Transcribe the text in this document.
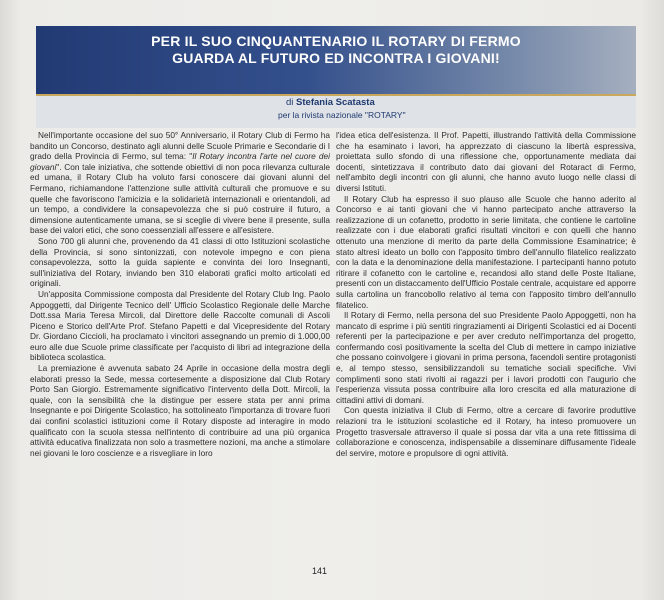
PER IL SUO CINQUANTENARIO IL ROTARY DI FERMO
GUARDA AL FUTURO ED INCONTRA I GIOVANI!
di Stefania Scatasta
per la rivista nazionale "ROTARY"

Nell'importante occasione del suo 50° Anniversario, il Rotary Club di Fermo ha bandito un Concorso, destinato agli alunni delle Scuole Primarie e Secondarie di I grado della Provincia di Fermo, sul tema: "Il Rotary incontra l'arte nel cuore dei giovani". Con tale iniziativa, che sottende obiettivi di non poca rilevanza culturale ed umana, il Rotary Club ha voluto farsi conoscere dai giovani alunni del Fermano, richiamandone l'attenzione sulle attività culturali che promuove e su quelle che favoriscono l'amicizia e la solidarietà internazionali e orientandoli, ad un tempo, a condividere la consapevolezza che si può costruire il futuro, a dimensione autenticamente umana, se si sceglie di vivere bene il presente, sulla base dei valori etici, che sono coessenziali all'essere e all'esistere.

Sono 700 gli alunni che, provenendo da 41 classi di otto Istituzioni scolastiche della Provincia, si sono sintonizzati, con notevole impegno e con piena consapevolezza, sotto la guida sapiente e convinta dei loro Insegnanti, sull'iniziativa del Rotary, inviando ben 310 elaborati grafici molto articolati ed originali.

Un'apposita Commissione composta dal Presidente del Rotary Club Ing. Paolo Appoggetti, dal Dirigente Tecnico dell' Ufficio Scolastico Regionale delle Marche Dott.ssa Maria Teresa Mircoli, dal Direttore delle Raccolte comunali di Ascoli Piceno e Storico dell'Arte Prof. Stefano Papetti e dal Vicepresidente del Rotary Dr. Giordano Ciccioli, ha proclamato i vincitori assegnando un premio di 1.000,00 euro alle due Scuole prime classificate per l'acquisto di libri ad integrazione della biblioteca scolastica.

La premiazione è avvenuta sabato 24 Aprile in occasione della mostra degli elaborati presso la Sede, messa cortesemente a disposizione dal Club Rotary Porto San Giorgio. Estremamente significativo l'intervento della Dott. Mircoli, la quale, con la sensibilità che la distingue per essere stata per anni prima Insegnante e poi Dirigente Scolastico, ha sottolineato l'importanza di trovare fuori dai confini scolastici istituzioni come il Rotary disposte ad interagire in modo qualificato con la scuola stessa nell'intento di contribuire ad una più organica attività educativa finalizzata non solo a trasmettere nozioni, ma anche a stimolare nei giovani le loro coscienze e a risvegliare in loro

l'idea etica dell'esistenza. Il Prof. Papetti, illustrando l'attività della Commissione che ha esaminato i lavori, ha apprezzato di ciascuno la libertà espressiva, proiettata sullo sfondo di una riflessione che, opportunamente mediata dai docenti, sintetizzava il contributo dato dai giovani del Rotaract di Fermo, nell'ambito degli incontri con gli alunni, che hanno avuto luogo nelle classi di diversi Istituti.

Il Rotary Club ha espresso il suo plauso alle Scuole che hanno aderito al Concorso e ai tanti giovani che vi hanno partecipato anche attraverso la realizzazione di un cofanetto, prodotto in serie limitata, che contiene le cartoline realizzate con i due elaborati grafici risultati vincitori e con quelli che hanno ottenuto una menzione di merito da parte della Commissione Esaminatrice; è stato altresì ideato un bollo con l'apposito timbro dell'annullo filatelico realizzato con la data e la denominazione della manifestazione. I partecipanti hanno potuto ritirare il cofanetto con le cartoline e, recandosi allo stand delle Poste Italiane, presenti con un distaccamento dell'Ufficio Postale centrale, acquistare ed apporre sulla cartolina un francobollo relativo al tema con l'apposito timbro dell'annullo filatelico.

Il Rotary di Fermo, nella persona del suo Presidente Paolo Appoggetti, non ha mancato di esprime i più sentiti ringraziamenti ai Dirigenti Scolastici ed ai Docenti referenti per la partecipazione e per aver creduto nell'importanza del progetto, confermando così positivamente la scelta del Club di mettere in campo iniziative che possano coinvolgere i giovani in prima persona, facendoli sentire protagonisti e, al tempo stesso, sensibilizzandoli su tematiche sociali specifiche. Vivi complimenti sono stati rivolti ai ragazzi per i lavori prodotti con l'augurio che l'esperienza vissuta possa contribuire alla loro crescita ed alla maturazione di cittadini attivi di domani.

Con questa iniziativa il Club di Fermo, oltre a cercare di favorire produttive relazioni tra le istituzioni scolastiche ed il Rotary, ha inteso promuovere un Progetto trasversale attraverso il quale si possa dar vita a una rete fittissima di collaborazione e conoscenza, indispensabile a disseminare diffusamente l'ideale del servire, motore e propulsore di ogni attività.

141
